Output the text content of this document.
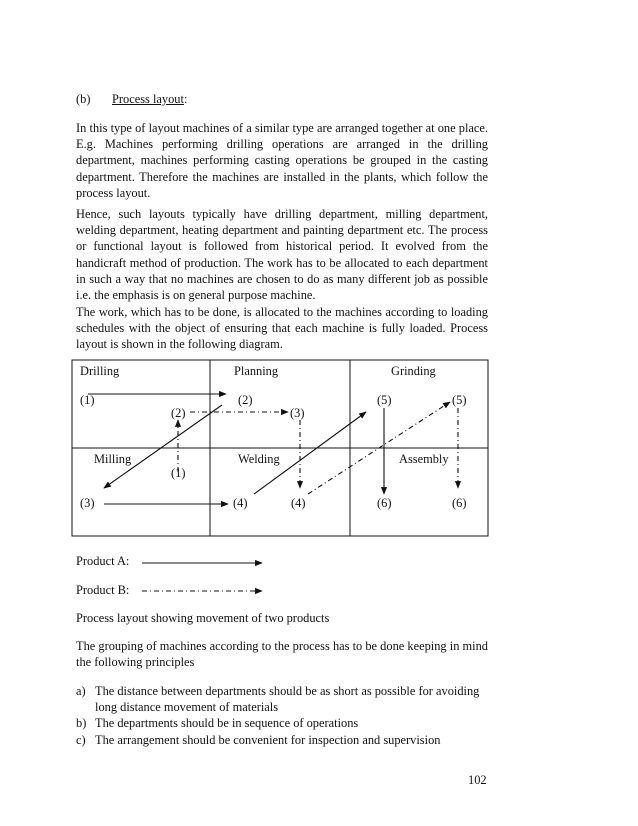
(b) Process layout:

In this type of layout machines of a similar type are arranged together at one place. E.g. Machines performing drilling operations are arranged in the drilling department, machines performing casting operations be grouped in the casting department. Therefore the machines are installed in the plants, which follow the process layout.

Hence, such layouts typically have drilling department, milling department, welding department, heating department and painting department etc. The process or functional layout is followed from historical period. It evolved from the handicraft method of production. The work has to be allocated to each department in such a way that no machines are chosen to do as many different job as possible i.e. the emphasis is on general purpose machine.

The work, which has to be done, is allocated to the machines according to loading schedules with the object of ensuring that each machine is fully loaded. Process layout is shown in the following diagram.

Drilling	Planning	Grinding
Milling	Welding	Assembly
(1)
(2)
(2)
(3)
(5)	(5)
(1)
(3)	(4)	(4)	(6)	(6)
Product A:
Product B:

Process layout showing movement of two products

The grouping of machines according to the process has to be done keeping in mind the following principles

a) The distance between departments should be as short as possible for avoiding long distance movement of materials
b) The departments should be in sequence of operations
c) The arrangement should be convenient for inspection and supervision
102
